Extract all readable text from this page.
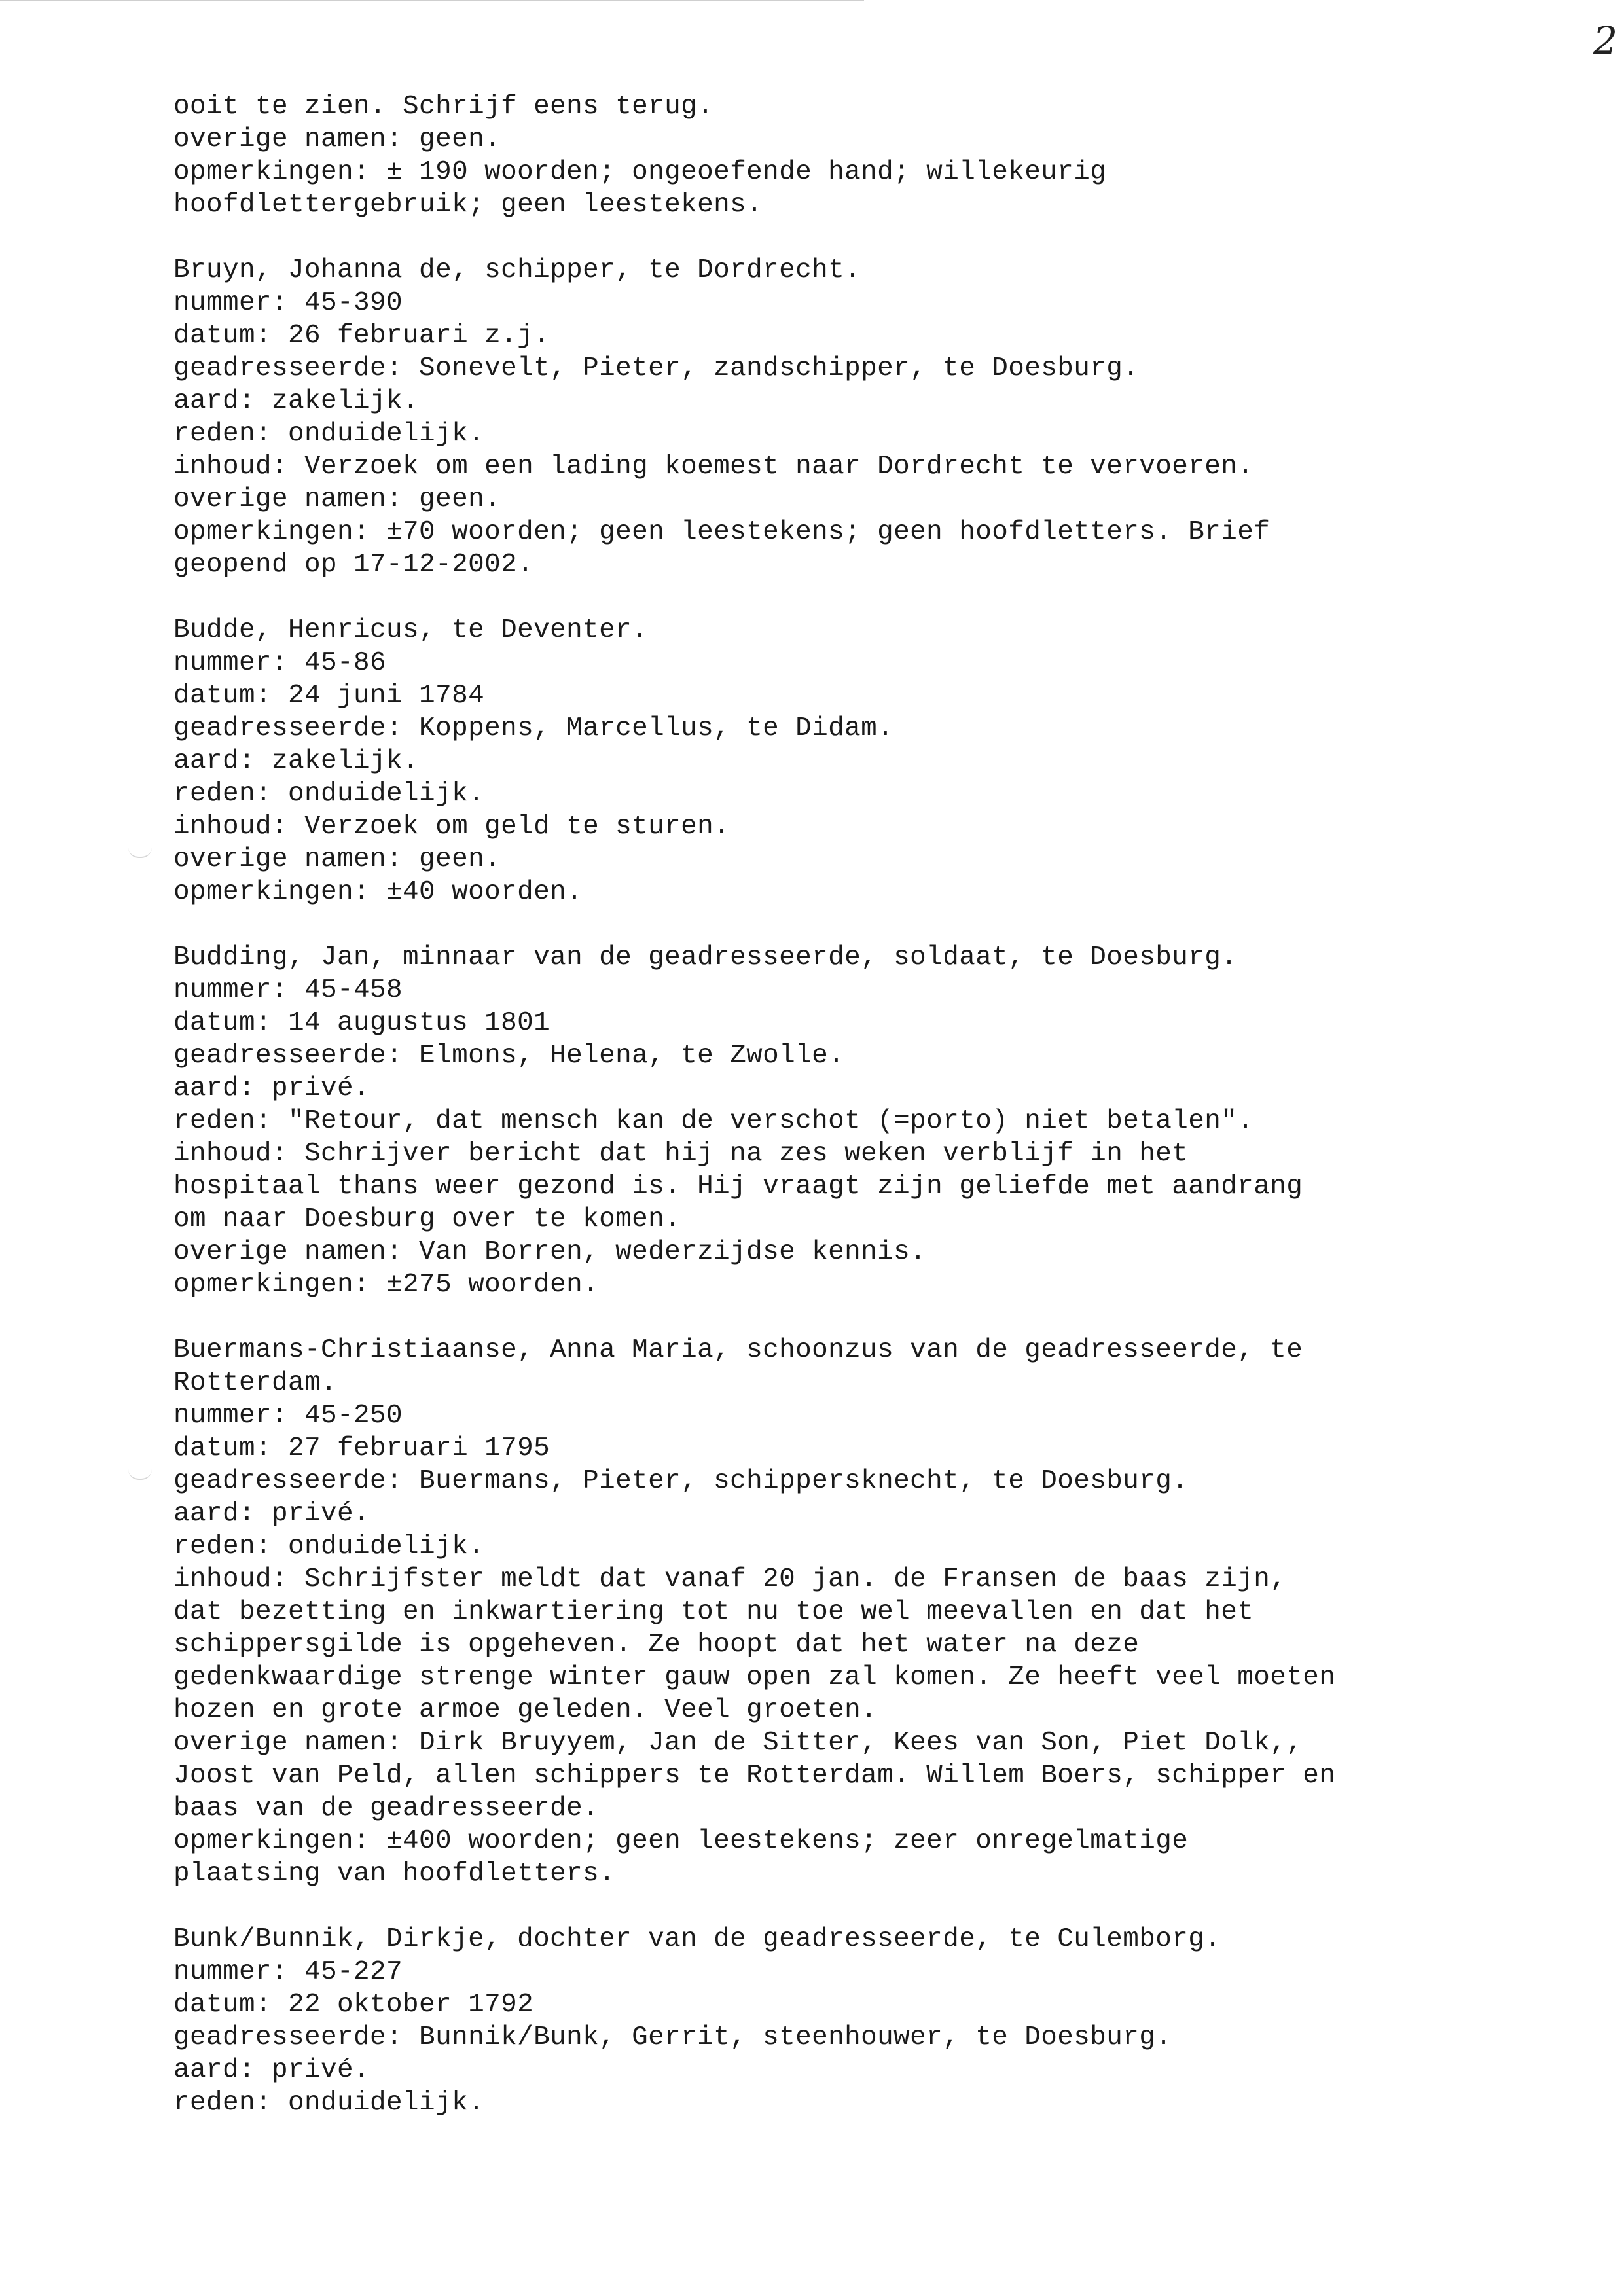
2
ooit te zien. Schrijf eens terug.
overige namen: geen.
opmerkingen: ± 190 woorden; ongeoefende hand; willekeurig
hoofdlettergebruik; geen leestekens.
Bruyn, Johanna de, schipper, te Dordrecht.
nummer: 45-390
datum: 26 februari z.j.
geadresseerde: Sonevelt, Pieter, zandschipper, te Doesburg.
aard: zakelijk.
reden: onduidelijk.
inhoud: Verzoek om een lading koemest naar Dordrecht te vervoeren.
overige namen: geen.
opmerkingen: ±70 woorden; geen leestekens; geen hoofdletters. Brief
geopend op 17-12-2002.
Budde, Henricus, te Deventer.
nummer: 45-86
datum: 24 juni 1784
geadresseerde: Koppens, Marcellus, te Didam.
aard: zakelijk.
reden: onduidelijk.
inhoud: Verzoek om geld te sturen.
overige namen: geen.
opmerkingen: ±40 woorden.
Budding, Jan, minnaar van de geadresseerde, soldaat, te Doesburg.
nummer: 45-458
datum: 14 augustus 1801
geadresseerde: Elmons, Helena, te Zwolle.
aard: privé.
reden: "Retour, dat mensch kan de verschot (=porto) niet betalen".
inhoud: Schrijver bericht dat hij na zes weken verblijf in het
hospitaal thans weer gezond is. Hij vraagt zijn geliefde met aandrang
om naar Doesburg over te komen.
overige namen: Van Borren, wederzijdse kennis.
opmerkingen: ±275 woorden.
Buermans-Christiaanse, Anna Maria, schoonzus van de geadresseerde, te
Rotterdam.
nummer: 45-250
datum: 27 februari 1795
geadresseerde: Buermans, Pieter, schippersknecht, te Doesburg.
aard: privé.
reden: onduidelijk.
inhoud: Schrijfster meldt dat vanaf 20 jan. de Fransen de baas zijn,
dat bezetting en inkwartiering tot nu toe wel meevallen en dat het
schippersgilde is opgeheven. Ze hoopt dat het water na deze
gedenkwaardige strenge winter gauw open zal komen. Ze heeft veel moeten
hozen en grote armoe geleden. Veel groeten.
overige namen: Dirk Bruyyem, Jan de Sitter, Kees van Son, Piet Dolk,,
Joost van Peld, allen schippers te Rotterdam. Willem Boers, schipper en
baas van de geadresseerde.
opmerkingen: ±400 woorden; geen leestekens; zeer onregelmatige
plaatsing van hoofdletters.
Bunk/Bunnik, Dirkje, dochter van de geadresseerde, te Culemborg.
nummer: 45-227
datum: 22 oktober 1792
geadresseerde: Bunnik/Bunk, Gerrit, steenhouwer, te Doesburg.
aard: privé.
reden: onduidelijk.
